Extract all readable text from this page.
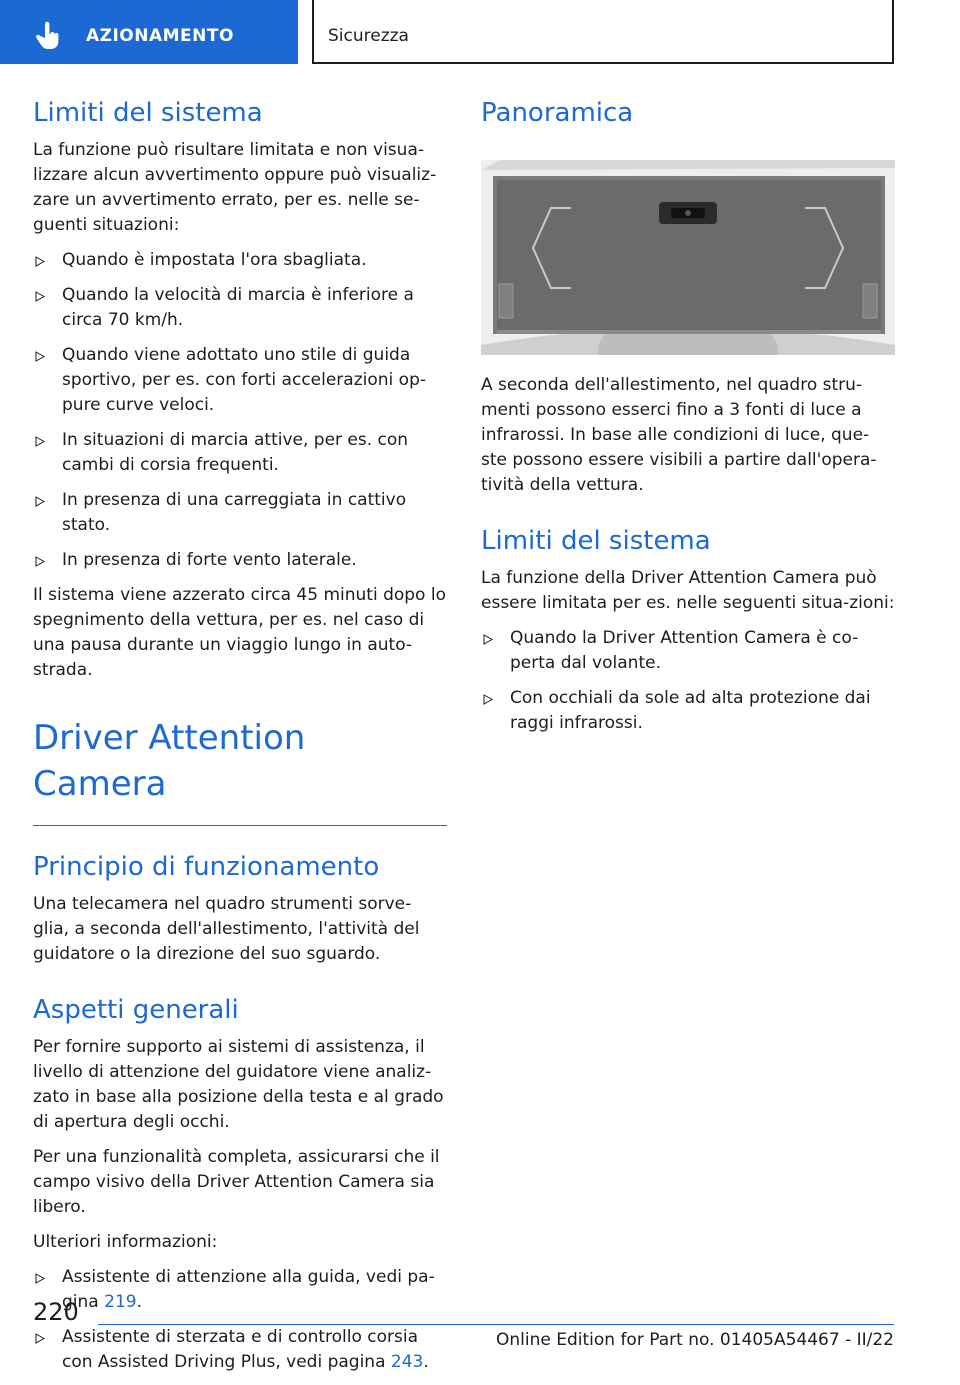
AZIONAMENTO	Sicurezza
Limiti del sistema

La funzione può risultare limitata e non visua-lizzare alcun avvertimento oppure può visualiz-zare un avvertimento errato, per es. nelle se-guenti situazioni:

Quando è impostata l'ora sbagliata.
Quando la velocità di marcia è inferiore a circa 70 km/h.
Quando viene adottato uno stile di guida sportivo, per es. con forti accelerazioni op-pure curve veloci.
In situazioni di marcia attive, per es. con cambi di corsia frequenti.
In presenza di una carreggiata in cattivo stato.
In presenza di forte vento laterale.

Il sistema viene azzerato circa 45 minuti dopo lo spegnimento della vettura, per es. nel caso di una pausa durante un viaggio lungo in auto-strada.

Driver Attention Camera
Principio di funzionamento

Una telecamera nel quadro strumenti sorve-glia, a seconda dell'allestimento, l'attività del guidatore o la direzione del suo sguardo.

Aspetti generali

Per fornire supporto ai sistemi di assistenza, il livello di attenzione del guidatore viene analiz-zato in base alla posizione della testa e al grado di apertura degli occhi.

Per una funzionalità completa, assicurarsi che il campo visivo della Driver Attention Camera sia libero.

Ulteriori informazioni:

Assistente di attenzione alla guida, vedi pa-gina 219.
Assistente di sterzata e di controllo corsia con Assisted Driving Plus, vedi pagina 243.
Panoramica

A seconda dell'allestimento, nel quadro stru-menti possono esserci fino a 3 fonti di luce a infrarossi. In base alle condizioni di luce, que-ste possono essere visibili a partire dall'opera-tività della vettura.

Limiti del sistema

La funzione della Driver Attention Camera può essere limitata per es. nelle seguenti situa-zioni:

Quando la Driver Attention Camera è co-perta dal volante.
Con occhiali da sole ad alta protezione dai raggi infrarossi.
220
Online Edition for Part no. 01405A54467 - II/22
